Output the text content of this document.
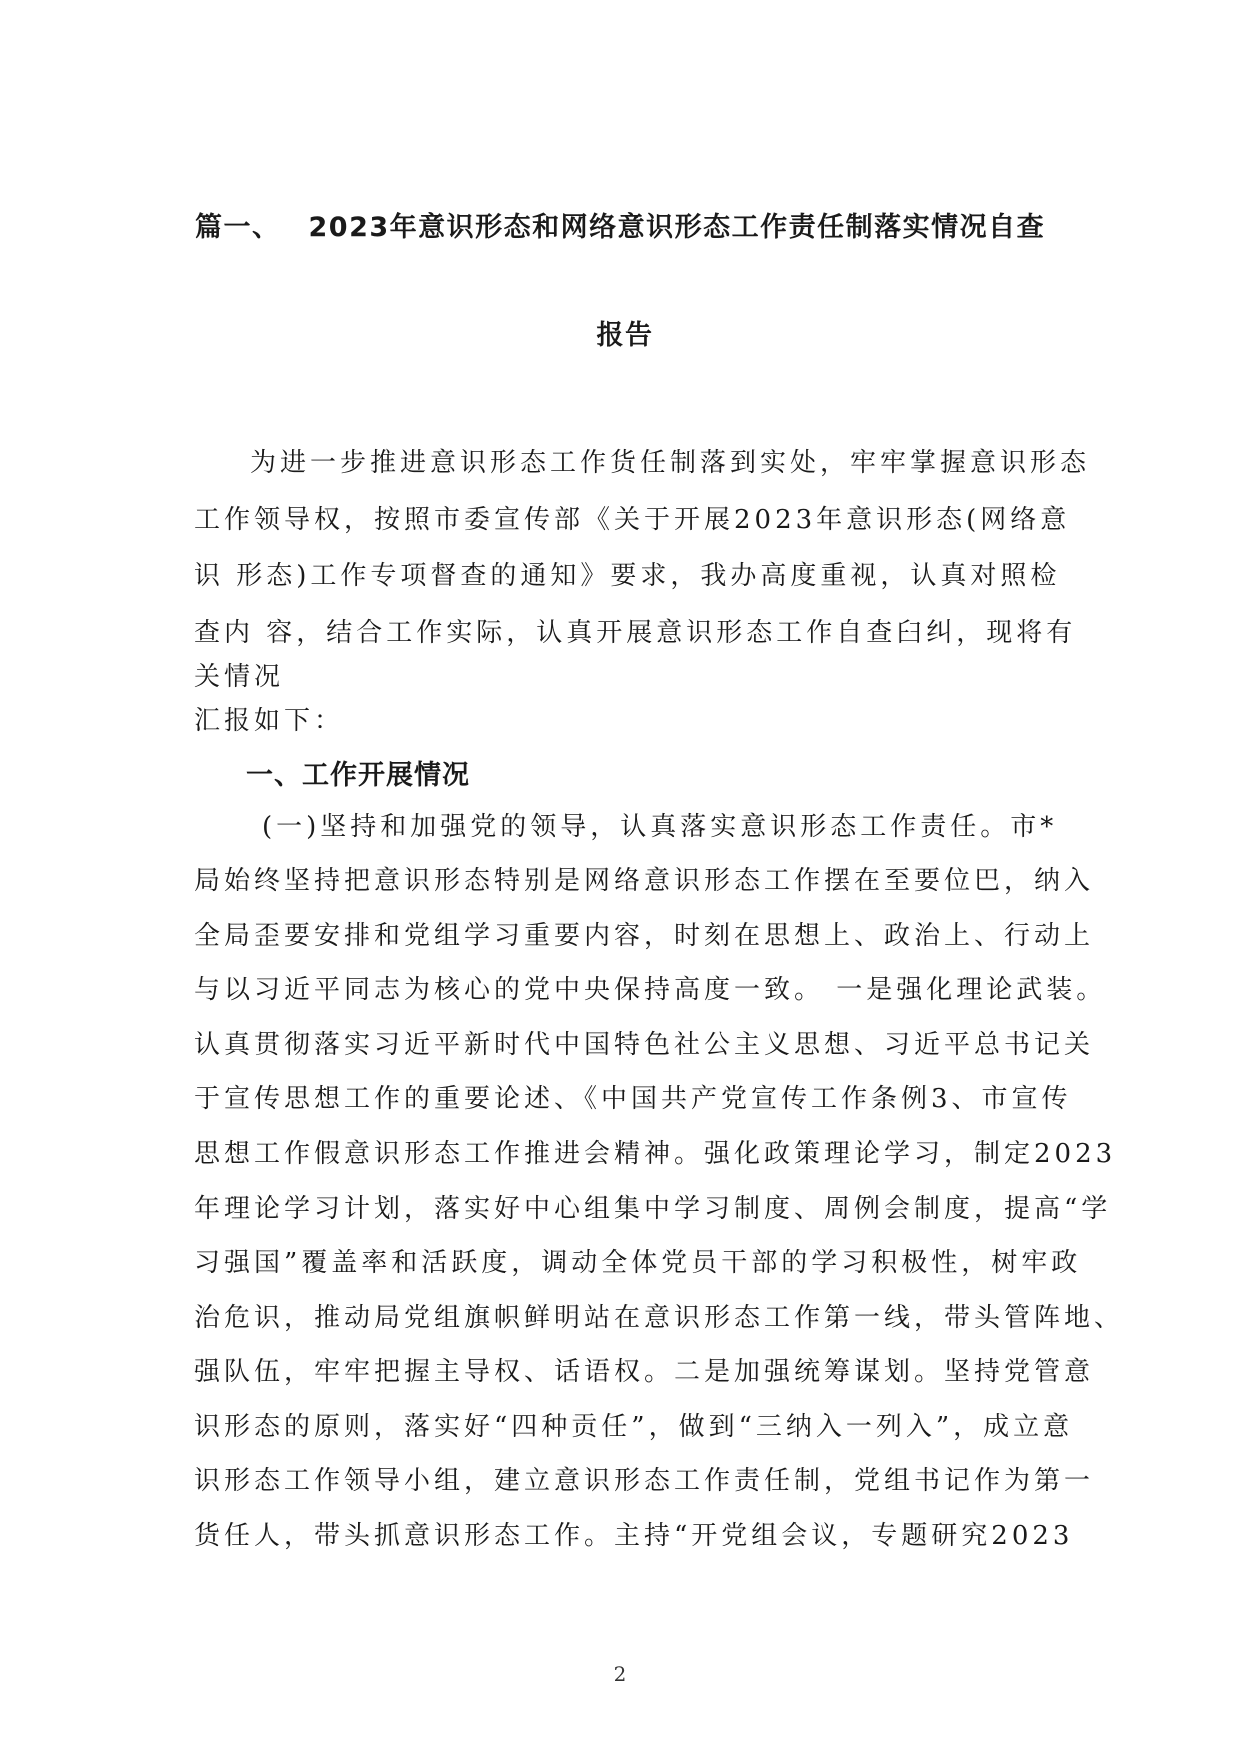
篇一、 2023年意识形态和网络意识形态工作责任制落实情况自查
报告
为进一步推进意识形态工作货任制落到实处，牢牢掌握意识形态
工作领导权，按照市委宣传部《关于开展2023年意识形态(网络意
识 形态)工作专项督查的通知》要求，我办高度重视，认真对照检
查内 容，结合工作实际，认真开展意识形态工作自查臼纠，现将有
关情况
汇报如下：
一、工作开展情况
(一)坚持和加强党的领导，认真落实意识形态工作责任。市*
局始终坚持把意识形态特别是网络意识形态工作摆在至要位巴，纳入
全局歪要安排和党组学习重要内容，时刻在思想上、政治上、行动上
与以习近平同志为核心的党中央保持高度一致。 一是强化理论武装。
认真贯彻落实习近平新时代中国特色社公主义思想、习近平总书记关
于宣传思想工作的重要论述、《中国共产党宣传工作条例3、市宣传
思想工作假意识形态工作推进会精神。强化政策理论学习，制定2023
年理论学习计划，落实好中心组集中学习制度、周例会制度，提高“学
习强国”覆盖率和活跃度，调动全体党员干部的学习积极性，树牢政
治危识，推动局党组旗帜鲜明站在意识形态工作第一线，带头管阵地、
强队伍，牢牢把握主导权、话语权。二是加强统筹谋划。坚持党管意
识形态的原则，落实好“四种贡任”，做到“三纳入一列入”，成立意
识形态工作领导小组，建立意识形态工作责任制，党组书记作为第一
货任人，带头抓意识形态工作。主持“开党组会议，专题研究2023
2
